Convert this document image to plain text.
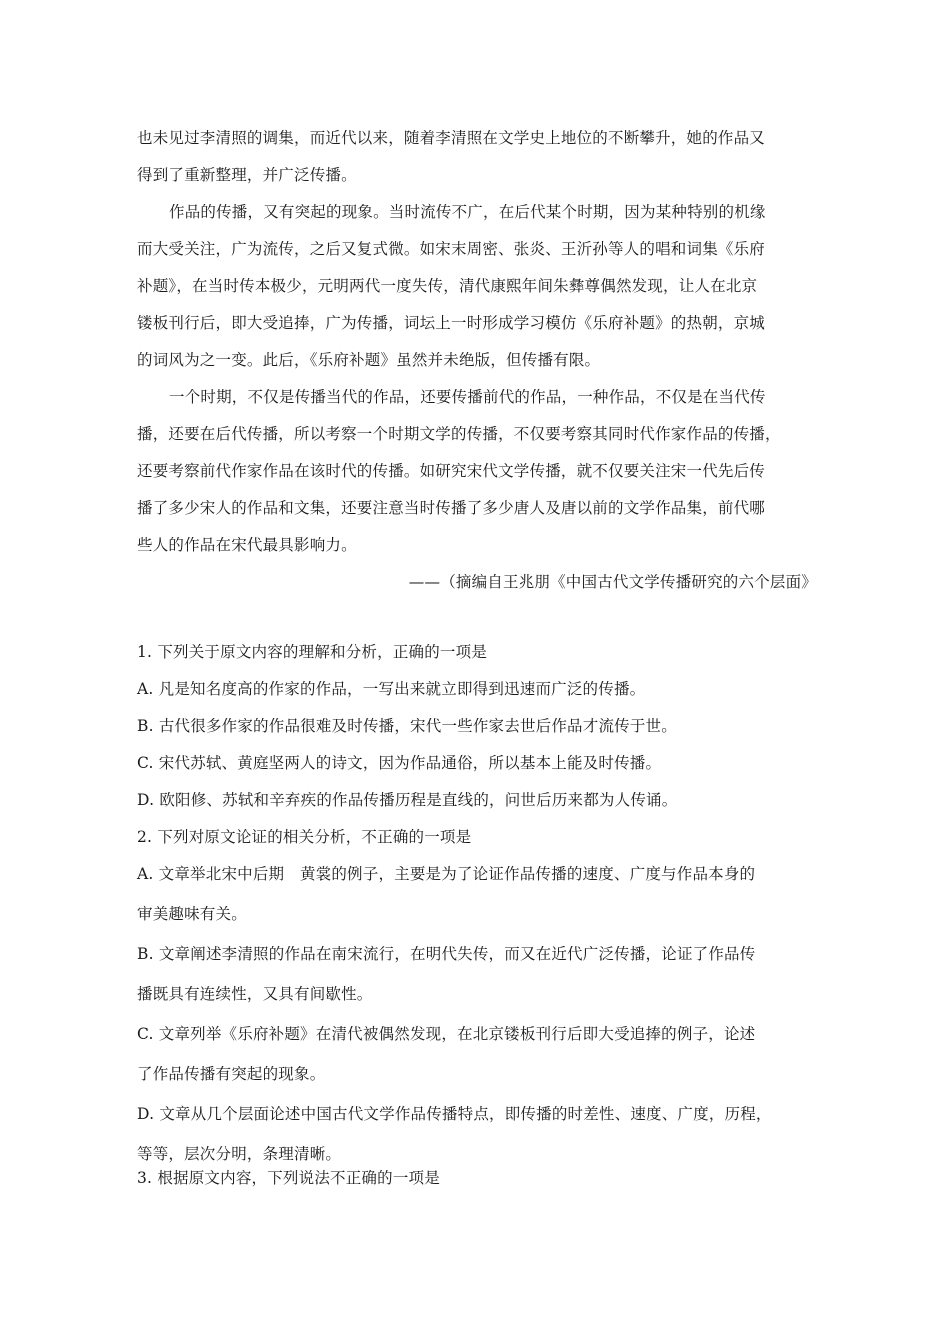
也未见过李清照的调集，而近代以来，随着李清照在文学史上地位的不断攀升，她的作品又
得到了重新整理，并广泛传播。
作品的传播，又有突起的现象。当时流传不广，在后代某个时期，因为某种特别的机缘
而大受关注，广为流传，之后又复式微。如宋末周密、张炎、王沂孙等人的唱和词集《乐府
补题》，在当时传本极少，元明两代一度失传，清代康熙年间朱彝尊偶然发现，让人在北京
镂板刊行后，即大受追捧，广为传播，词坛上一时形成学习模仿《乐府补题》的热朝，京城
的词风为之一变。此后，《乐府补题》虽然并未绝版，但传播有限。
一个时期，不仅是传播当代的作品，还要传播前代的作品，一种作品，不仅是在当代传
播，还要在后代传播，所以考察一个时期文学的传播，不仅要考察其同时代作家作品的传播，
还要考察前代作家作品在该时代的传播。如研究宋代文学传播，就不仅要关注宋一代先后传
播了多少宋人的作品和文集，还要注意当时传播了多少唐人及唐以前的文学作品集，前代哪
些人的作品在宋代最具影响力。
——（摘编自王兆朋《中国古代文学传播研究的六个层面》
1. 下列关于原文内容的理解和分析，正确的一项是
A. 凡是知名度高的作家的作品，一写出来就立即得到迅速而广泛的传播。
B. 古代很多作家的作品很难及时传播，宋代一些作家去世后作品才流传于世。
C. 宋代苏轼、黄庭坚两人的诗文，因为作品通俗，所以基本上能及时传播。
D. 欧阳修、苏轼和辛弃疾的作品传播历程是直线的，问世后历来都为人传诵。
2. 下列对原文论证的相关分析，不正确的一项是
A. 文章举北宋中后期　黄裳的例子，主要是为了论证作品传播的速度、广度与作品本身的
审美趣味有关。
B. 文章阐述李清照的作品在南宋流行，在明代失传，而又在近代广泛传播，论证了作品传
播既具有连续性，又具有间歇性。
C. 文章列举《乐府补题》在清代被偶然发现，在北京镂板刊行后即大受追捧的例子，论述
了作品传播有突起的现象。
D. 文章从几个层面论述中国古代文学作品传播特点，即传播的时差性、速度、广度，历程，
等等，层次分明，条理清晰。
3. 根据原文内容，下列说法不正确的一项是
